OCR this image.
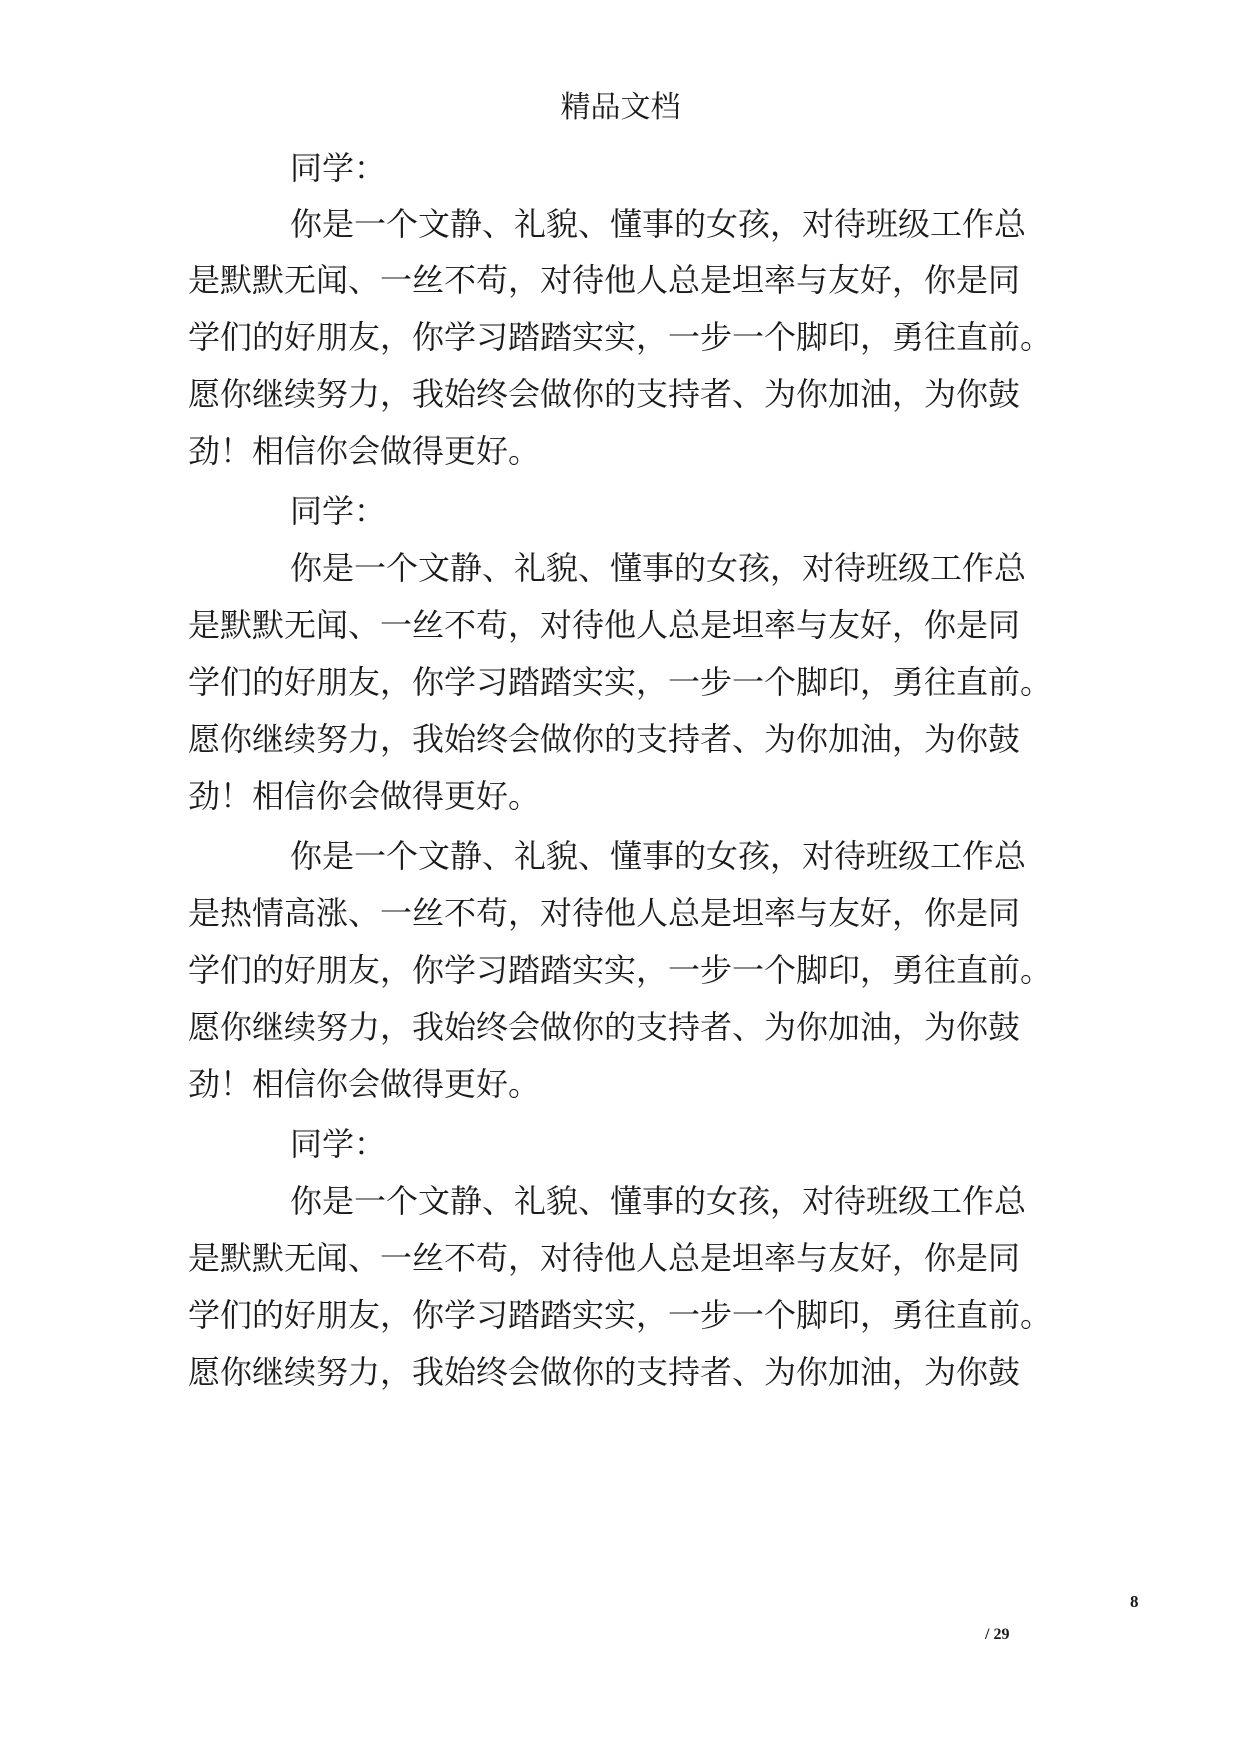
精品文档
同学：
你是一个文静、礼貌、懂事的女孩，对待班级工作总
是默默无闻、一丝不苟，对待他人总是坦率与友好，你是同
学们的好朋友，你学习踏踏实实，一步一个脚印，勇往直前。
愿你继续努力，我始终会做你的支持者、为你加油，为你鼓
劲！相信你会做得更好。
同学：
你是一个文静、礼貌、懂事的女孩，对待班级工作总
是默默无闻、一丝不苟，对待他人总是坦率与友好，你是同
学们的好朋友，你学习踏踏实实，一步一个脚印，勇往直前。
愿你继续努力，我始终会做你的支持者、为你加油，为你鼓
劲！相信你会做得更好。
你是一个文静、礼貌、懂事的女孩，对待班级工作总
是热情高涨、一丝不苟，对待他人总是坦率与友好，你是同
学们的好朋友，你学习踏踏实实，一步一个脚印，勇往直前。
愿你继续努力，我始终会做你的支持者、为你加油，为你鼓
劲！相信你会做得更好。
同学：
你是一个文静、礼貌、懂事的女孩，对待班级工作总
是默默无闻、一丝不苟，对待他人总是坦率与友好，你是同
学们的好朋友，你学习踏踏实实，一步一个脚印，勇往直前。
愿你继续努力，我始终会做你的支持者、为你加油，为你鼓
8
/ 29
